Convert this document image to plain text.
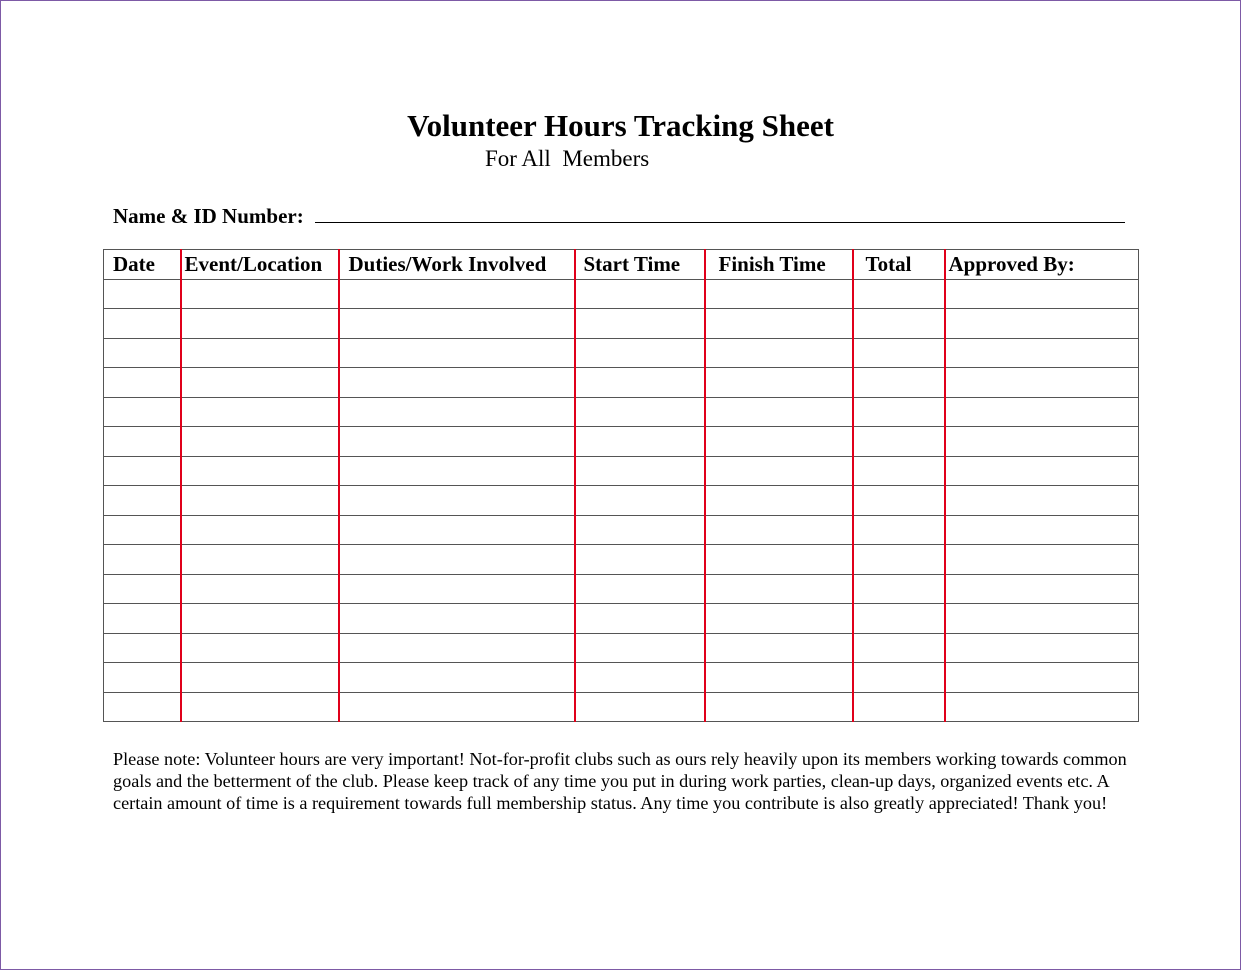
Volunteer Hours Tracking Sheet
For All  Members
Name & ID Number:
Date	Event/Location	Duties/Work Involved	Start Time	Finish Time	Total	Approved By:

Please note: Volunteer hours are very important! Not-for-profit clubs such as ours rely heavily upon its members working towards common goals and the betterment of the club. Please keep track of any time you put in during work parties, clean-up days, organized events etc. A certain amount of time is a requirement towards full membership status. Any time you contribute is also greatly appreciated! Thank you!
